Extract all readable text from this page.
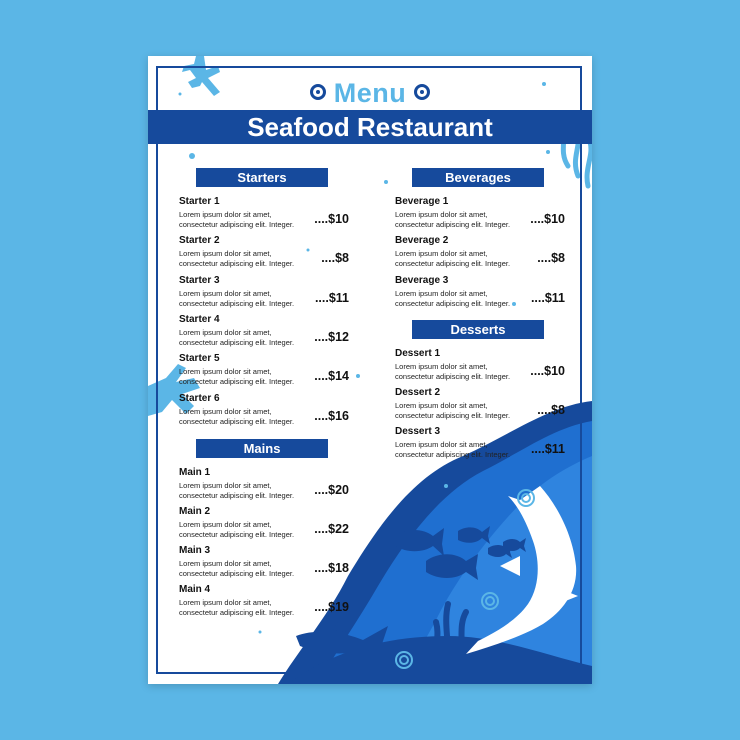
Menu
Seafood Restaurant
Starters
Starter 1
Lorem ipsum dolor sit amet, consectetur adipiscing elit. Integer.	....$10
Starter 2
Lorem ipsum dolor sit amet, consectetur adipiscing elit. Integer.	....$8
Starter 3
Lorem ipsum dolor sit amet, consectetur adipiscing elit. Integer.	....$11
Starter 4
Lorem ipsum dolor sit amet, consectetur adipiscing elit. Integer.	....$12
Starter 5
Lorem ipsum dolor sit amet, consectetur adipiscing elit. Integer.	....$14
Starter 6
Lorem ipsum dolor sit amet, consectetur adipiscing elit. Integer.	....$16
Mains
Main 1
Lorem ipsum dolor sit amet, consectetur adipiscing elit. Integer.	....$20
Main 2
Lorem ipsum dolor sit amet, consectetur adipiscing elit. Integer.	....$22
Main 3
Lorem ipsum dolor sit amet, consectetur adipiscing elit. Integer.	....$18
Main 4
Lorem ipsum dolor sit amet, consectetur adipiscing elit. Integer.	....$19
Beverages
Beverage 1
Lorem ipsum dolor sit amet, consectetur adipiscing elit. Integer.	....$10
Beverage 2
Lorem ipsum dolor sit amet, consectetur adipiscing elit. Integer.	....$8
Beverage 3
Lorem ipsum dolor sit amet, consectetur adipiscing elit. Integer.	....$11
Desserts
Dessert 1
Lorem ipsum dolor sit amet, consectetur adipiscing elit. Integer.	....$10
Dessert 2
Lorem ipsum dolor sit amet, consectetur adipiscing elit. Integer.	....$8
Dessert 3
Lorem ipsum dolor sit amet, consectetur adipiscing elit. Integer.	....$11
